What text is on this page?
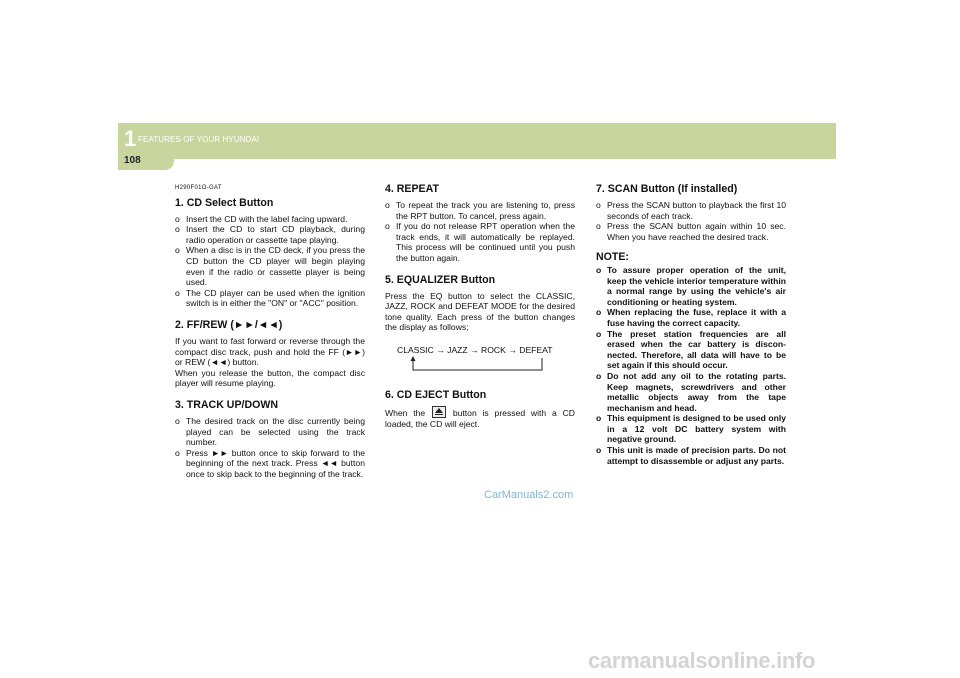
1 FEATURES OF YOUR HYUNDAI
108
H290F01O-GAT
1. CD Select Button
o Insert the CD with the label facing upward.
o Insert the CD to start CD playback, during radio operation or cassette tape playing.
o When a disc is in the CD deck, if you press the CD button the CD player will begin playing even if the radio or cassette player is being used.
o The CD player can be used when the ignition switch is in either the "ON" or "ACC" position.
2. FF/REW (►►/◄◄)

If you want to fast forward or reverse through the compact disc track, push and hold the FF (►►) or REW (◄◄) button.

When you release the button, the compact disc player will resume playing.

3. TRACK UP/DOWN
o The desired track on the disc currently being played can be selected using the track number.
o Press ►► button once to skip forward to the beginning of the next track. Press ◄◄ button once to skip back to the beginning of the track.
4. REPEAT
o To repeat the track you are listening to, press the RPT button. To cancel, press again.
o If you do not release RPT operation when the track ends, it will automatically be replayed. This process will be continued until you push the button again.
5. EQUALIZER Button

Press the EQ button to select the CLASSIC, JAZZ, ROCK and DEFEAT MODE for the desired tone quality. Each press of the button changes the display as follows;

CLASSIC → JAZZ → ROCK → DEFEAT
6. CD EJECT Button

When the	button is pressed with a CD loaded, the CD will eject.

7. SCAN Button (If installed)
o Press the SCAN button to playback the first 10 seconds of each track.
o Press the SCAN button again within 10 sec. When you have reached the desired track.
NOTE:
o To assure proper operation of the unit, keep the vehicle interior temperature within a normal range by using the vehicle's air conditioning or heating system.
o When replacing the fuse, replace it with a fuse having the correct capacity.
o The preset station frequencies are all erased when the car battery is discon-nected. Therefore, all data will have to be set again if this should occur.
o Do not add any oil to the rotating parts. Keep magnets, screwdrivers and other metallic objects away from the tape mechanism and head.
o This equipment is designed to be used only in a 12 volt DC battery system with negative ground.
o This unit is made of precision parts. Do not attempt to disassemble or adjust any parts.
CarManuals2.com
carmanualsonline.info
